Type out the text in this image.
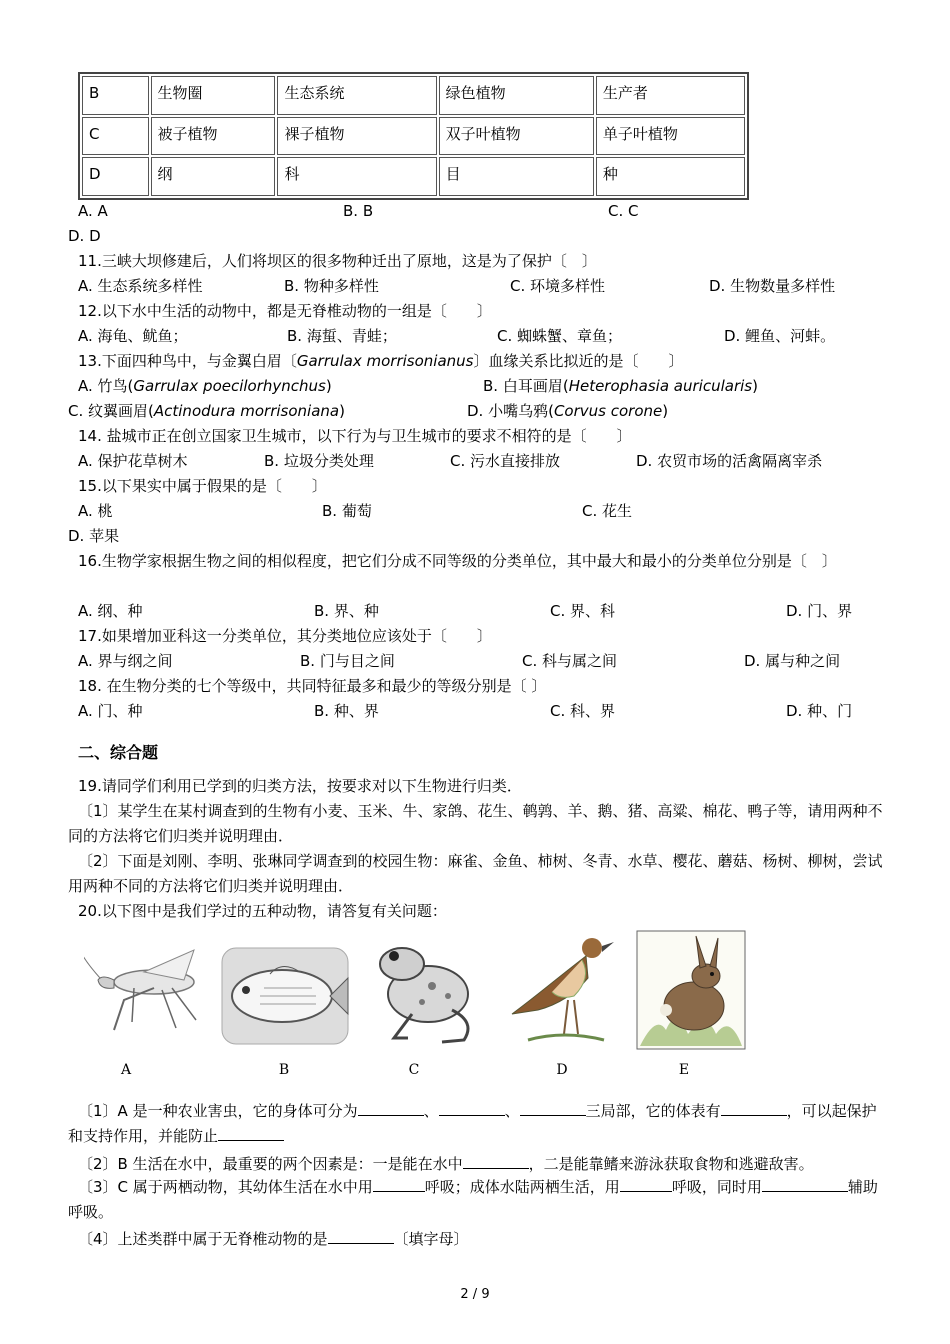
B	生物圈	生态系统	绿色植物	生产者
C	被子植物	裸子植物	双子叶植物	单子叶植物
D	纲	科	目	种
A. A	B. B	C. C
D. D
11.三峡大坝修建后，人们将坝区的很多物种迁出了原地，这是为了保护〔　〕
A. 生态系统多样性	B. 物种多样性	C. 环境多样性	D. 生物数量多样性
12.以下水中生活的动物中，都是无脊椎动物的一组是〔　　〕
A. 海龟、鱿鱼；	B. 海蜇、青蛙；	C. 蜘蛛蟹、章鱼；	D. 鲤鱼、河蚌。
13.下面四种鸟中，与金翼白眉〔Garrulax morrisonianus〕血缘关系比拟近的是〔　　〕
A. 竹鸟(Garrulax poecilorhynchus)	B. 白耳画眉(Heterophasia auricularis)
C. 纹翼画眉(Actinodura morrisoniana)	D. 小嘴乌鸦(Corvus corone)
14. 盐城市正在创立国家卫生城市，以下行为与卫生城市的要求不相符的是〔　　〕
A. 保护花草树木	B. 垃圾分类处理	C. 污水直接排放	D. 农贸市场的活禽隔离宰杀
15.以下果实中属于假果的是〔　　〕
A. 桃	B. 葡萄	C. 花生
D. 苹果
16.生物学家根据生物之间的相似程度，把它们分成不同等级的分类单位，其中最大和最小的分类单位分别是〔　〕
A. 纲、种	B. 界、种	C. 界、科	D. 门、界
17.如果增加亚科这一分类单位，其分类地位应该处于〔　　〕
A. 界与纲之间	B. 门与目之间	C. 科与属之间	D. 属与种之间
18. 在生物分类的七个等级中，共同特征最多和最少的等级分别是〔 〕
A. 门、种	B. 种、界	C. 科、界	D. 种、门
二、综合题
19.请同学们利用已学到的归类方法，按要求对以下生物进行归类．
〔1〕某学生在某村调查到的生物有小麦、玉米、牛、家鸽、花生、鹌鹑、羊、鹅、猪、高粱、棉花、鸭子等，请用两种不同的方法将它们归类并说明理由．
〔2〕下面是刘刚、李明、张琳同学调查到的校园生物：麻雀、金鱼、柿树、冬青、水草、樱花、蘑菇、杨树、柳树，尝试用两种不同的方法将它们归类并说明理由．
20.以下图中是我们学过的五种动物，请答复有关问题：
A	B	C	D	E
〔1〕A 是一种农业害虫，它的身体可分为	、	、	三局部，它的体表有	，可以起保护和支持作用，并能防止
〔2〕B 生活在水中，最重要的两个因素是：一是能在水中	，二是能靠鳍来游泳获取食物和逃避敌害。
〔3〕C 属于两栖动物，其幼体生活在水中用	呼吸；成体水陆两栖生活，用	呼吸，同时用	辅助呼吸。
〔4〕上述类群中属于无脊椎动物的是	〔填字母〕
2 / 9
